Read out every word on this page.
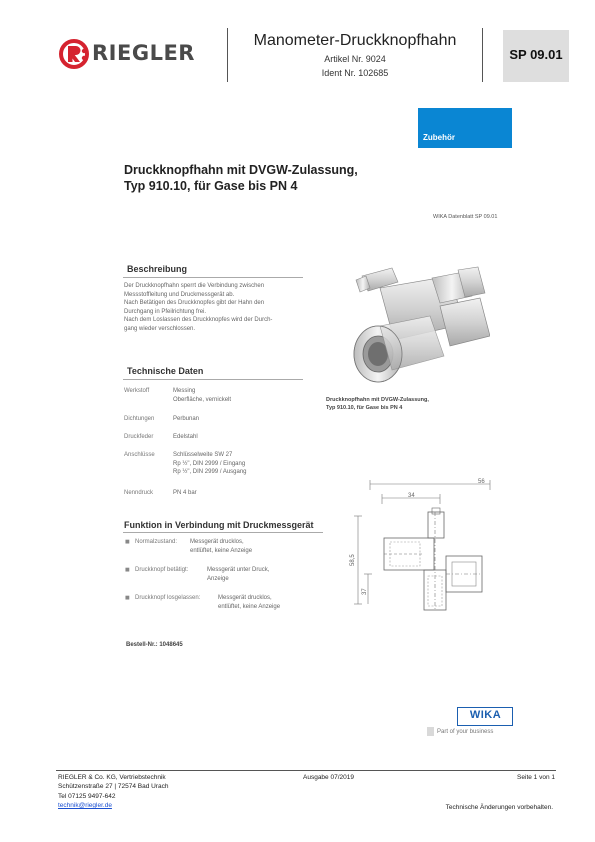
RIEGLER
Manometer-Druckknopfhahn
Artikel Nr. 9024
Ident Nr. 102685
SP 09.01
Zubehör
Druckknopfhahn mit DVGW-Zulassung,
Typ 910.10, für Gase bis PN 4
WIKA Datenblatt SP 09.01
Beschreibung
Der Druckknopfhahn sperrt die Verbindung zwischen
Messstoffleitung und Druckmessgerät ab.
Nach Betätigen des Druckknopfes gibt der Hahn den
Durchgang in Pfeilrichtung frei.
Nach dem Loslassen des Druckknopfes wird der Durch-
gang wieder verschlossen.
Druckknopfhahn mit DVGW-Zulassung,
Typ 910.10, für Gase bis PN 4
Technische Daten
Werkstoff	Messing
Oberfläche, vernickelt
Dichtungen	Perbunan
Druckfeder	Edelstahl
Anschlüsse	Schlüsselweite SW 27
Rp ½", DIN 2999 / Eingang
Rp ½", DIN 2999 / Ausgang
Nenndruck	PN 4 bar
56
34
58,5
37
Funktion in Verbindung mit Druckmessgerät
■ Normalzustand: Messgerät drucklos,
entlüftet, keine Anzeige
■ Druckknopf betätigt:	Messgerät unter Druck,
Anzeige
■ Druckknopf losgelassen:	Messgerät drucklos,
entlüftet, keine Anzeige
Bestell-Nr.: 1048645
WIKA
Part of your business
RIEGLER & Co. KG, Vertriebstechnik
Schützenstraße 27 | 72574 Bad Urach
Tel 07125 9497-642
technik@riegler.de
Ausgabe 07/2019	Seite 1 von 1
Technische Änderungen vorbehalten.
